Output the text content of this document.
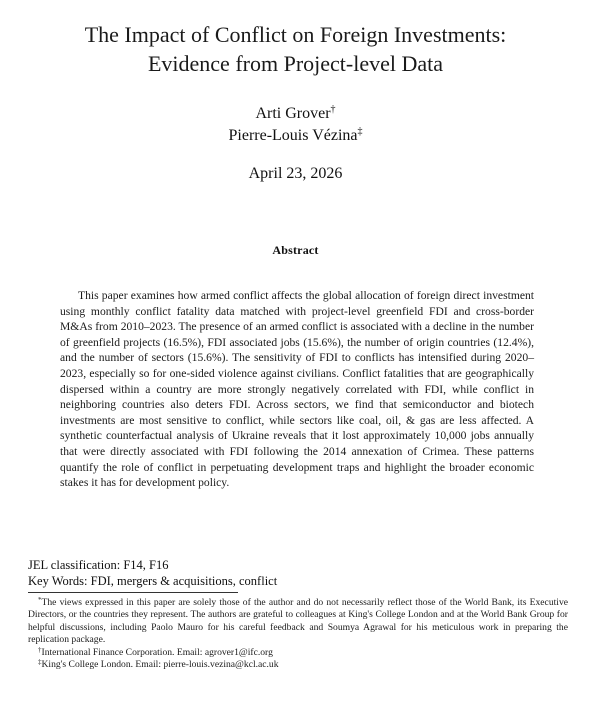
The Impact of Conflict on Foreign Investments:
Evidence from Project-level Data
Arti Grover†
Pierre-Louis Vézina‡
April 23, 2026
Abstract
This paper examines how armed conflict affects the global allocation of foreign direct investment using monthly conflict fatality data matched with project-level greenfield FDI and cross-border M&As from 2010–2023. The presence of an armed conflict is associated with a decline in the number of greenfield projects (16.5%), FDI associated jobs (15.6%), the number of origin countries (12.4%), and the number of sectors (15.6%). The sensitivity of FDI to conflicts has intensified during 2020–2023, especially so for one-sided violence against civilians. Conflict fatalities that are geographically dispersed within a country are more strongly negatively correlated with FDI, while conflict in neighboring countries also deters FDI. Across sectors, we find that semiconductor and biotech investments are most sensitive to conflict, while sectors like coal, oil, & gas are less affected. A synthetic counterfactual analysis of Ukraine reveals that it lost approximately 10,000 jobs annually that were directly associated with FDI following the 2014 annexation of Crimea. These patterns quantify the role of conflict in perpetuating development traps and highlight the broader economic stakes it has for development policy.
JEL classification: F14, F16
Key Words: FDI, mergers & acquisitions, conflict

*The views expressed in this paper are solely those of the author and do not necessarily reflect those of the World Bank, its Executive Directors, or the countries they represent. The authors are grateful to colleagues at King's College London and at the World Bank Group for helpful discussions, including Paolo Mauro for his careful feedback and Soumya Agrawal for his meticulous work in preparing the replication package.

†International Finance Corporation. Email: agrover1@ifc.org

‡King's College London. Email: pierre-louis.vezina@kcl.ac.uk
